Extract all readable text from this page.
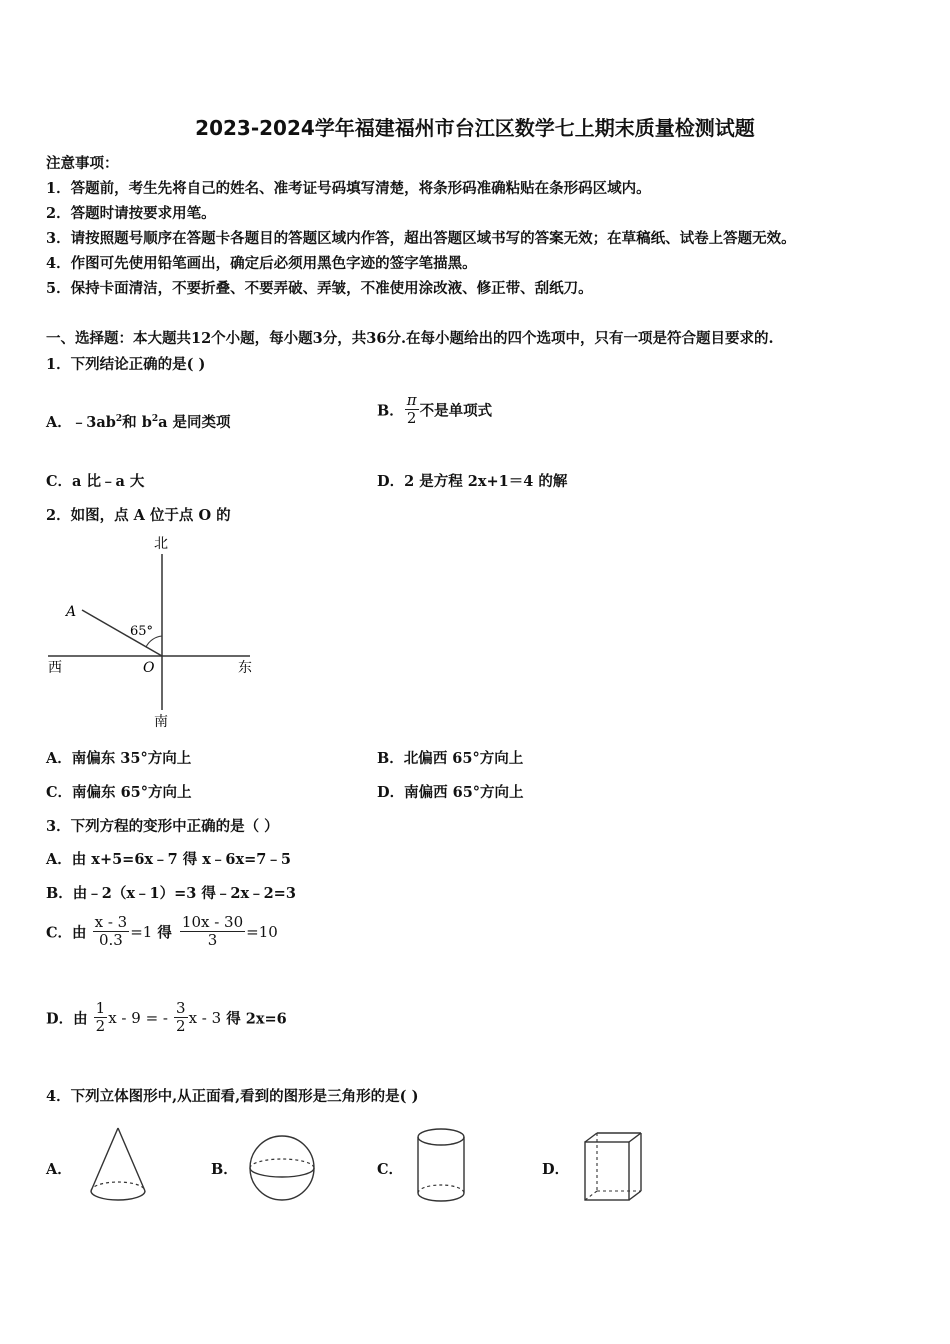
2023-2024学年福建福州市台江区数学七上期末质量检测试题
注意事项：
1．答题前，考生先将自己的姓名、准考证号码填写清楚，将条形码准确粘贴在条形码区域内。
2．答题时请按要求用笔。
3．请按照题号顺序在答题卡各题目的答题区域内作答，超出答题区域书写的答案无效；在草稿纸、试卷上答题无效。
4．作图可先使用铅笔画出，确定后必须用黑色字迹的签字笔描黑。
5．保持卡面清洁，不要折叠、不要弄破、弄皱，不准使用涂改液、修正带、刮纸刀。
一、选择题：本大题共12个小题，每小题3分，共36分.在每小题给出的四个选项中，只有一项是符合题目要求的.
1．下列结论正确的是( )
A．$﹣3ab^2$和 $b^2a$ 是同类项
B． $\frac{\pi}{2}$ 不是单项式
C．a 比﹣a 大	D．2 是方程 2x+1＝4 的解
2．如图，点 A 位于点 O 的
北
南
东
西	O
A
65°
A．南偏东 35°方向上	B．北偏西 65°方向上
C．南偏东 65°方向上	D．南偏西 65°方向上
3．下列方程的变形中正确的是（ ）
A．由 x+5=6x﹣7 得 x﹣6x=7﹣5
B．由﹣2（x﹣1）=3 得﹣2x﹣2=3
C．由 $\frac{x - 3}{0.3} =1$ 得 $\frac{10x - 30}{3} =10$
D．由 $\frac{1}{2}$ x - 9 = - $\frac{3}{2}$ x - 3 得 2x=6
4．下列立体图形中,从正面看,看到的图形是三角形的是( )
A．	B．	C．	D．
